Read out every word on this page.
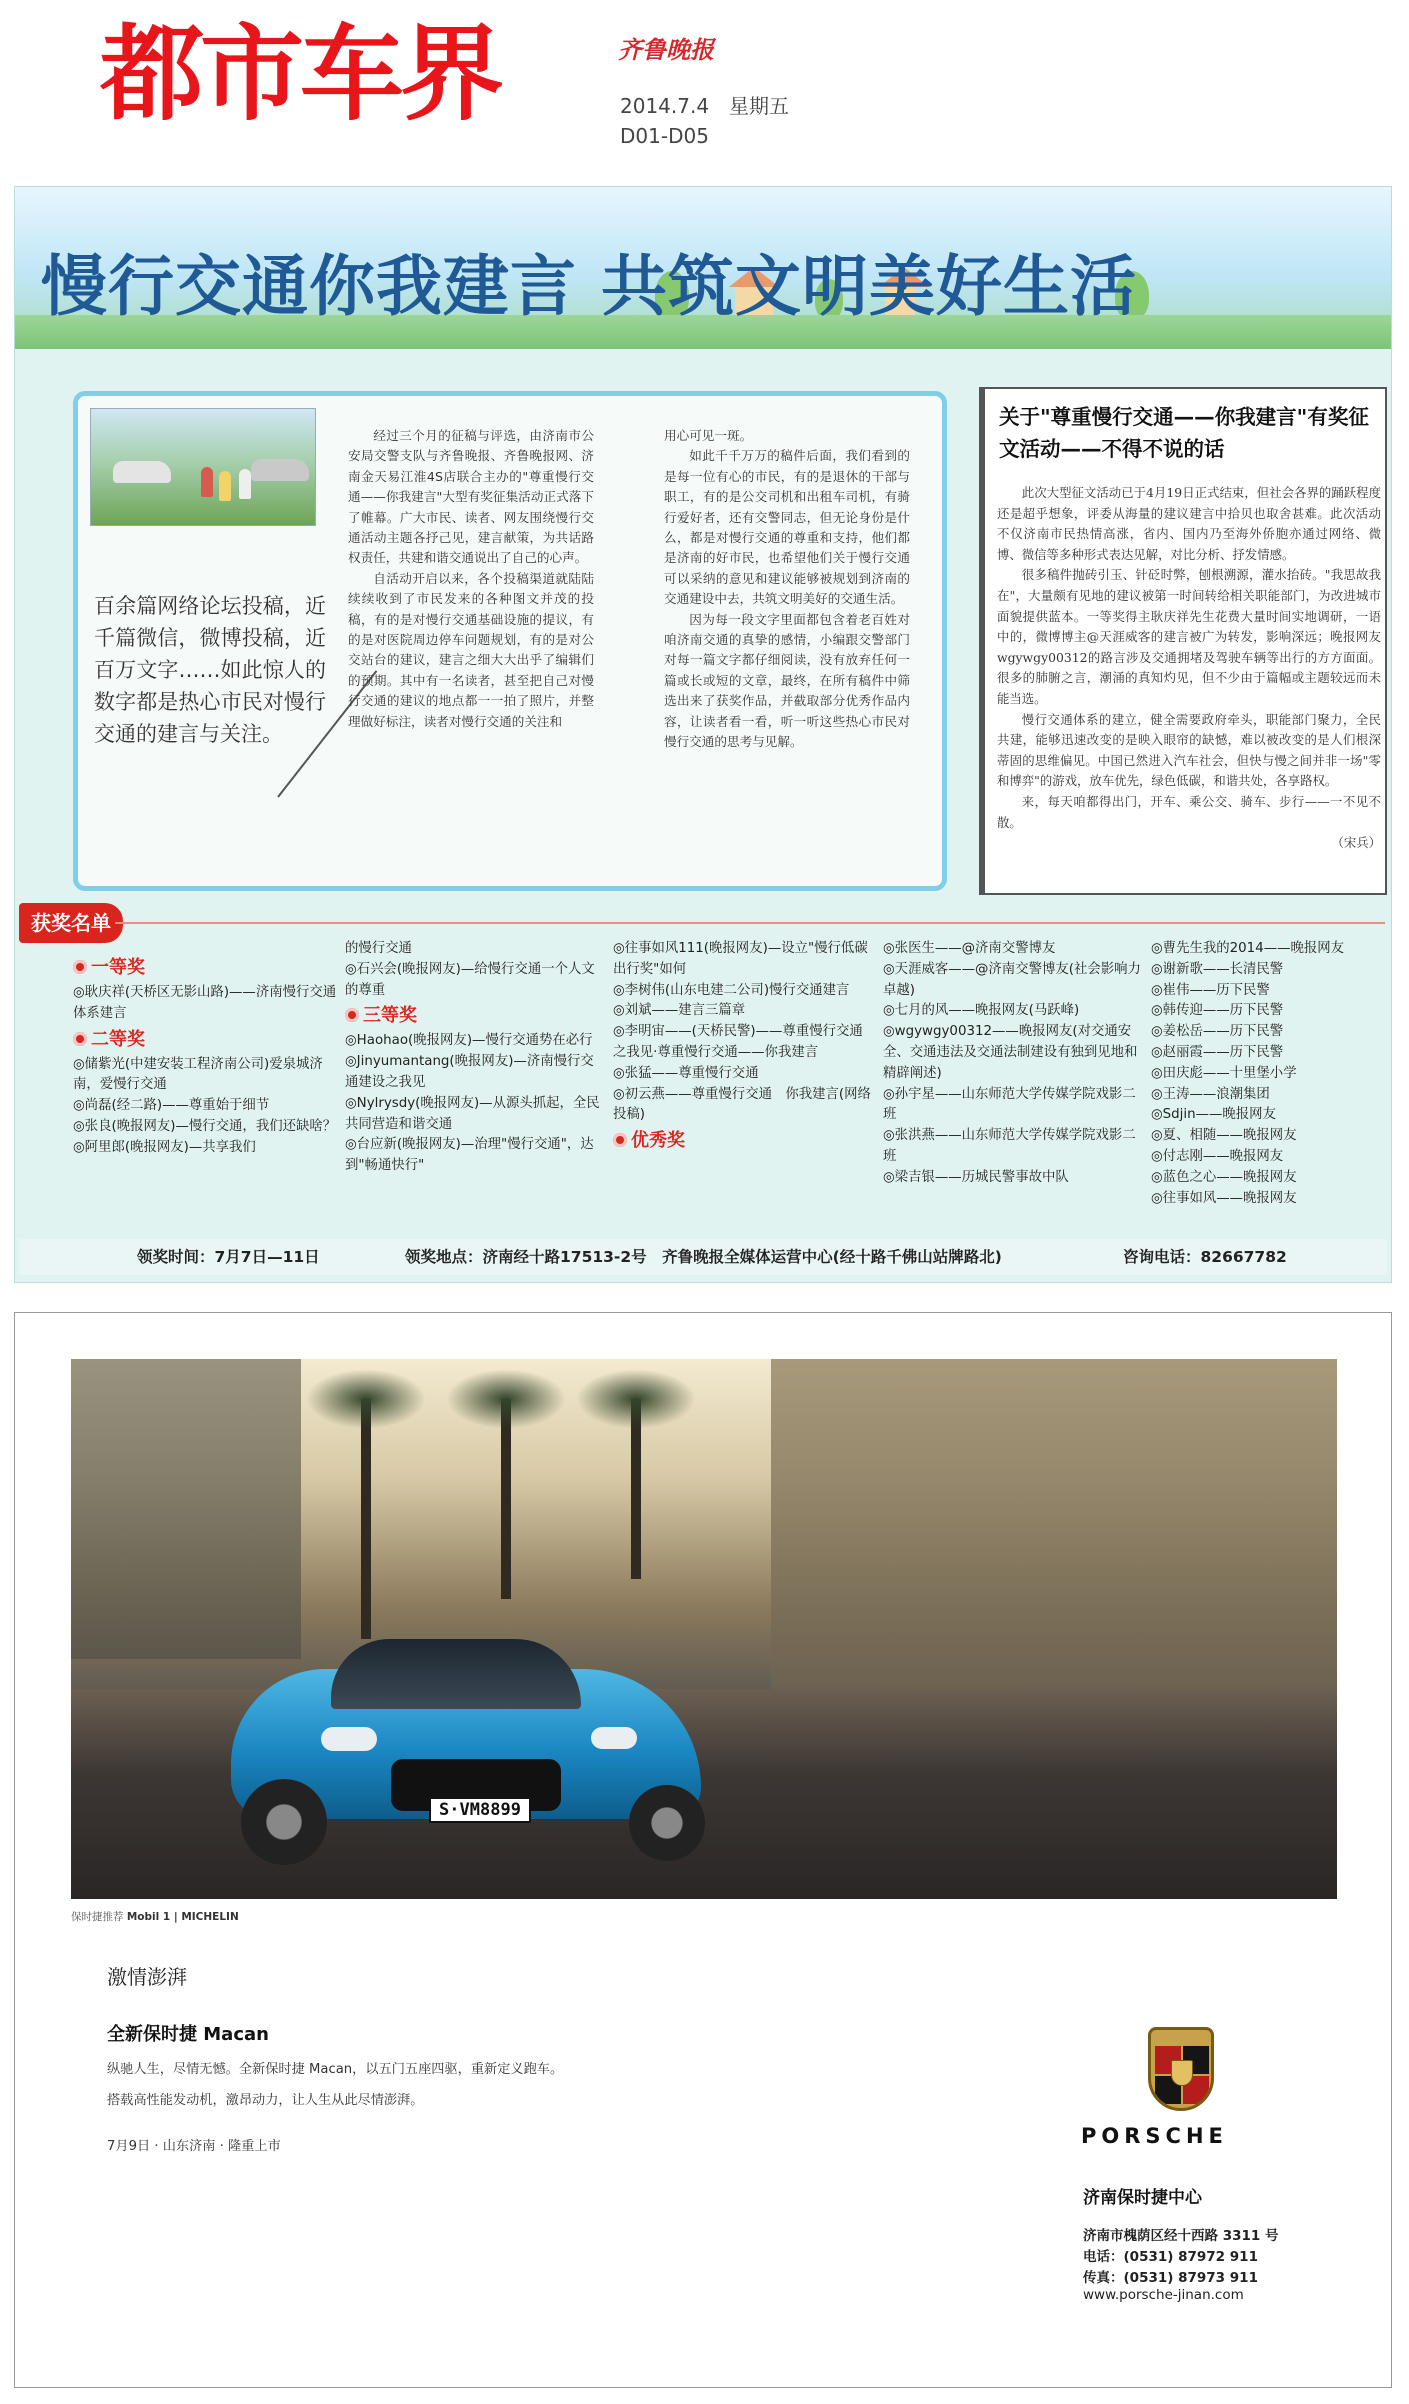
都市车界	齐鲁晚报
2014.7.4　星期五
D01-D05
慢行交通你我建言 共筑文明美好生活
百余篇网络论坛投稿，近千篇微信，微博投稿，近百万文字……如此惊人的数字都是热心市民对慢行交通的建言与关注。

经过三个月的征稿与评选，由济南市公安局交警支队与齐鲁晚报、齐鲁晚报网、济南金天易江淮4S店联合主办的"尊重慢行交通——你我建言"大型有奖征集活动正式落下了帷幕。广大市民、读者、网友围绕慢行交通活动主题各抒己见，建言献策，为共话路权责任，共建和谐交通说出了自己的心声。

自活动开启以来，各个投稿渠道就陆陆续续收到了市民发来的各种图文并茂的投稿，有的是对慢行交通基础设施的提议，有的是对医院周边停车问题规划，有的是对公交站台的建议，建言之细大大出乎了编辑们的预期。其中有一名读者，甚至把自己对慢行交通的建议的地点都一一拍了照片，并整理做好标注，读者对慢行交通的关注和

用心可见一斑。

如此千千万万的稿件后面，我们看到的是每一位有心的市民，有的是退休的干部与职工，有的是公交司机和出租车司机，有骑行爱好者，还有交警同志，但无论身份是什么，都是对慢行交通的尊重和支持，他们都是济南的好市民，也希望他们关于慢行交通可以采纳的意见和建议能够被规划到济南的交通建设中去，共筑文明美好的交通生活。

因为每一段文字里面都包含着老百姓对咱济南交通的真挚的感情，小编跟交警部门对每一篇文字都仔细阅读，没有放弃任何一篇或长或短的文章，最终，在所有稿件中筛选出来了获奖作品，并截取部分优秀作品内容，让读者看一看，听一听这些热心市民对慢行交通的思考与见解。

关于"尊重慢行交通——你我建言"有奖征文活动——不得不说的话

此次大型征文活动已于4月19日正式结束，但社会各界的踊跃程度还是超乎想象，评委从海量的建议建言中拾贝也取舍甚难。此次活动不仅济南市民热情高涨，省内、国内乃至海外侨胞亦通过网络、微博、微信等多种形式表达见解，对比分析、抒发情感。

很多稿件抛砖引玉、针砭时弊，刨根溯源，灌水抬砖。"我思故我在"，大量颇有见地的建议被第一时间转给相关职能部门，为改进城市面貌提供蓝本。一等奖得主耿庆祥先生花费大量时间实地调研，一语中的，微博博主@天涯威客的建言被广为转发，影响深远；晚报网友wgywgy00312的路言涉及交通拥堵及驾驶车辆等出行的方方面面。很多的肺腑之言，潮涌的真知灼见，但不少由于篇幅或主题较远而未能当选。

慢行交通体系的建立，健全需要政府牵头，职能部门聚力，全民共建，能够迅速改变的是映入眼帘的缺憾，难以被改变的是人们根深蒂固的思维偏见。中国已然进入汽车社会，但快与慢之间并非一场"零和博弈"的游戏，放车优先，绿色低碳，和谐共处，各享路权。

来，每天咱都得出门，开车、乘公交、骑车、步行——一不见不散。

（宋兵）

获奖名单
一等奖
◎耿庆祥(天桥区无影山路)——济南慢行交通体系建言
二等奖
◎储紫光(中建安装工程济南公司)爱泉城济南，爱慢行交通
◎尚磊(经二路)——尊重始于细节
◎张良(晚报网友)—慢行交通，我们还缺啥？
◎阿里郎(晚报网友)—共享我们
的慢行交通
◎石兴会(晚报网友)—给慢行交通一个人文的尊重
三等奖
◎Haohao(晚报网友)—慢行交通势在必行
◎Jinyumantang(晚报网友)—济南慢行交通建设之我见
◎Nylrysdy(晚报网友)—从源头抓起，全民共同营造和谐交通
◎台应新(晚报网友)—治理"慢行交通"，达到"畅通快行"
◎往事如风111(晚报网友)—设立"慢行低碳出行奖"如何
◎李树伟(山东电建二公司)慢行交通建言
◎刘斌——建言三篇章
◎李明宙——(天桥民警)——尊重慢行交通之我见·尊重慢行交通——你我建言
◎张猛——尊重慢行交通
◎初云燕——尊重慢行交通　你我建言(网络投稿)
优秀奖
◎张医生——@济南交警博友
◎天涯威客——@济南交警博友(社会影响力卓越)
◎七月的风——晚报网友(马跃峰)
◎wgywgy00312——晚报网友(对交通安全、交通违法及交通法制建设有独到见地和精辟阐述)
◎孙宇星——山东师范大学传媒学院戏影二班
◎张洪燕——山东师范大学传媒学院戏影二班
◎梁吉银——历城民警事故中队
◎曹先生我的2014——晚报网友
◎谢新歌——长清民警
◎崔伟——历下民警
◎韩传迎——历下民警
◎姜松岳——历下民警
◎赵丽霞——历下民警
◎田庆彪——十里堡小学
◎王涛——浪潮集团
◎Sdjin——晚报网友
◎夏、相随——晚报网友
◎付志刚——晚报网友
◎蓝色之心——晚报网友
◎往事如风——晚报网友
领奖时间：7月7日—11日	领奖地点：济南经十路17513-2号　齐鲁晚报全媒体运营中心(经十路千佛山站牌路北)	咨询电话：82667782
S·VM8899
保时捷推荐 Mobil 1 | MICHELIN
激情澎湃
全新保时捷 Macan
纵驰人生，尽情无憾。全新保时捷 Macan，以五门五座四驱，重新定义跑车。
搭载高性能发动机，激昂动力，让人生从此尽情澎湃。
7月9日 · 山东济南 · 隆重上市	PORSCHE
济南保时捷中心
济南市槐荫区经十西路 3311 号
电话：(0531) 87972 911
传真：(0531) 87973 911
www.porsche-jinan.com
